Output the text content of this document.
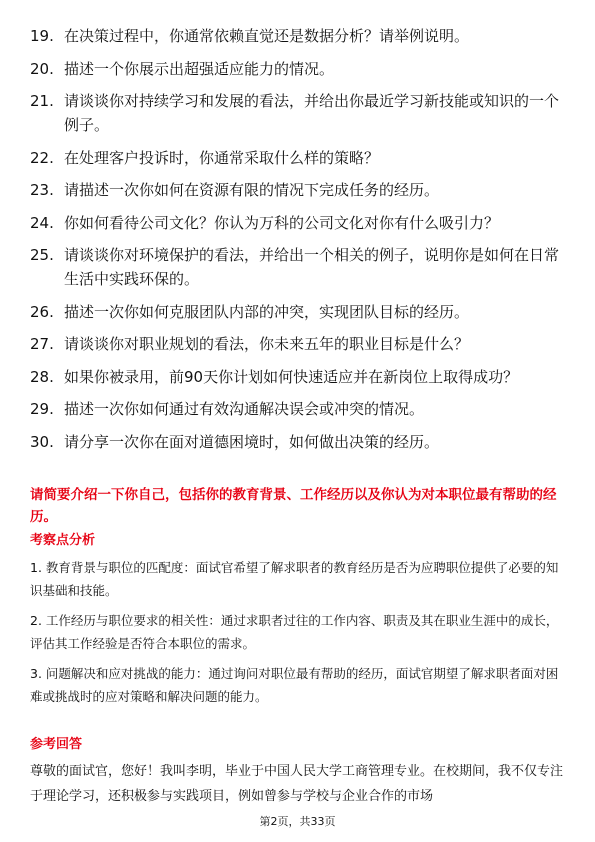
19. 在决策过程中，你通常依赖直觉还是数据分析？请举例说明。
20. 描述一个你展示出超强适应能力的情况。
21. 请谈谈你对持续学习和发展的看法，并给出你最近学习新技能或知识的一个例子。
22. 在处理客户投诉时，你通常采取什么样的策略？
23. 请描述一次你如何在资源有限的情况下完成任务的经历。
24. 你如何看待公司文化？你认为万科的公司文化对你有什么吸引力？
25. 请谈谈你对环境保护的看法，并给出一个相关的例子，说明你是如何在日常生活中实践环保的。
26. 描述一次你如何克服团队内部的冲突，实现团队目标的经历。
27. 请谈谈你对职业规划的看法，你未来五年的职业目标是什么？
28. 如果你被录用，前90天你计划如何快速适应并在新岗位上取得成功？
29. 描述一次你如何通过有效沟通解决误会或冲突的情况。
30. 请分享一次你在面对道德困境时，如何做出决策的经历。
请简要介绍一下你自己，包括你的教育背景、工作经历以及你认为对本职位最有帮助的经历。
考察点分析
1. 教育背景与职位的匹配度：面试官希望了解求职者的教育经历是否为应聘职位提供了必要的知识基础和技能。
2. 工作经历与职位要求的相关性：通过求职者过往的工作内容、职责及其在职业生涯中的成长，评估其工作经验是否符合本职位的需求。
3. 问题解决和应对挑战的能力：通过询问对职位最有帮助的经历，面试官期望了解求职者面对困难或挑战时的应对策略和解决问题的能力。
参考回答
尊敬的面试官，您好！我叫李明，毕业于中国人民大学工商管理专业。在校期间，我不仅专注于理论学习，还积极参与实践项目，例如曾参与学校与企业合作的市场
第2页，共33页
